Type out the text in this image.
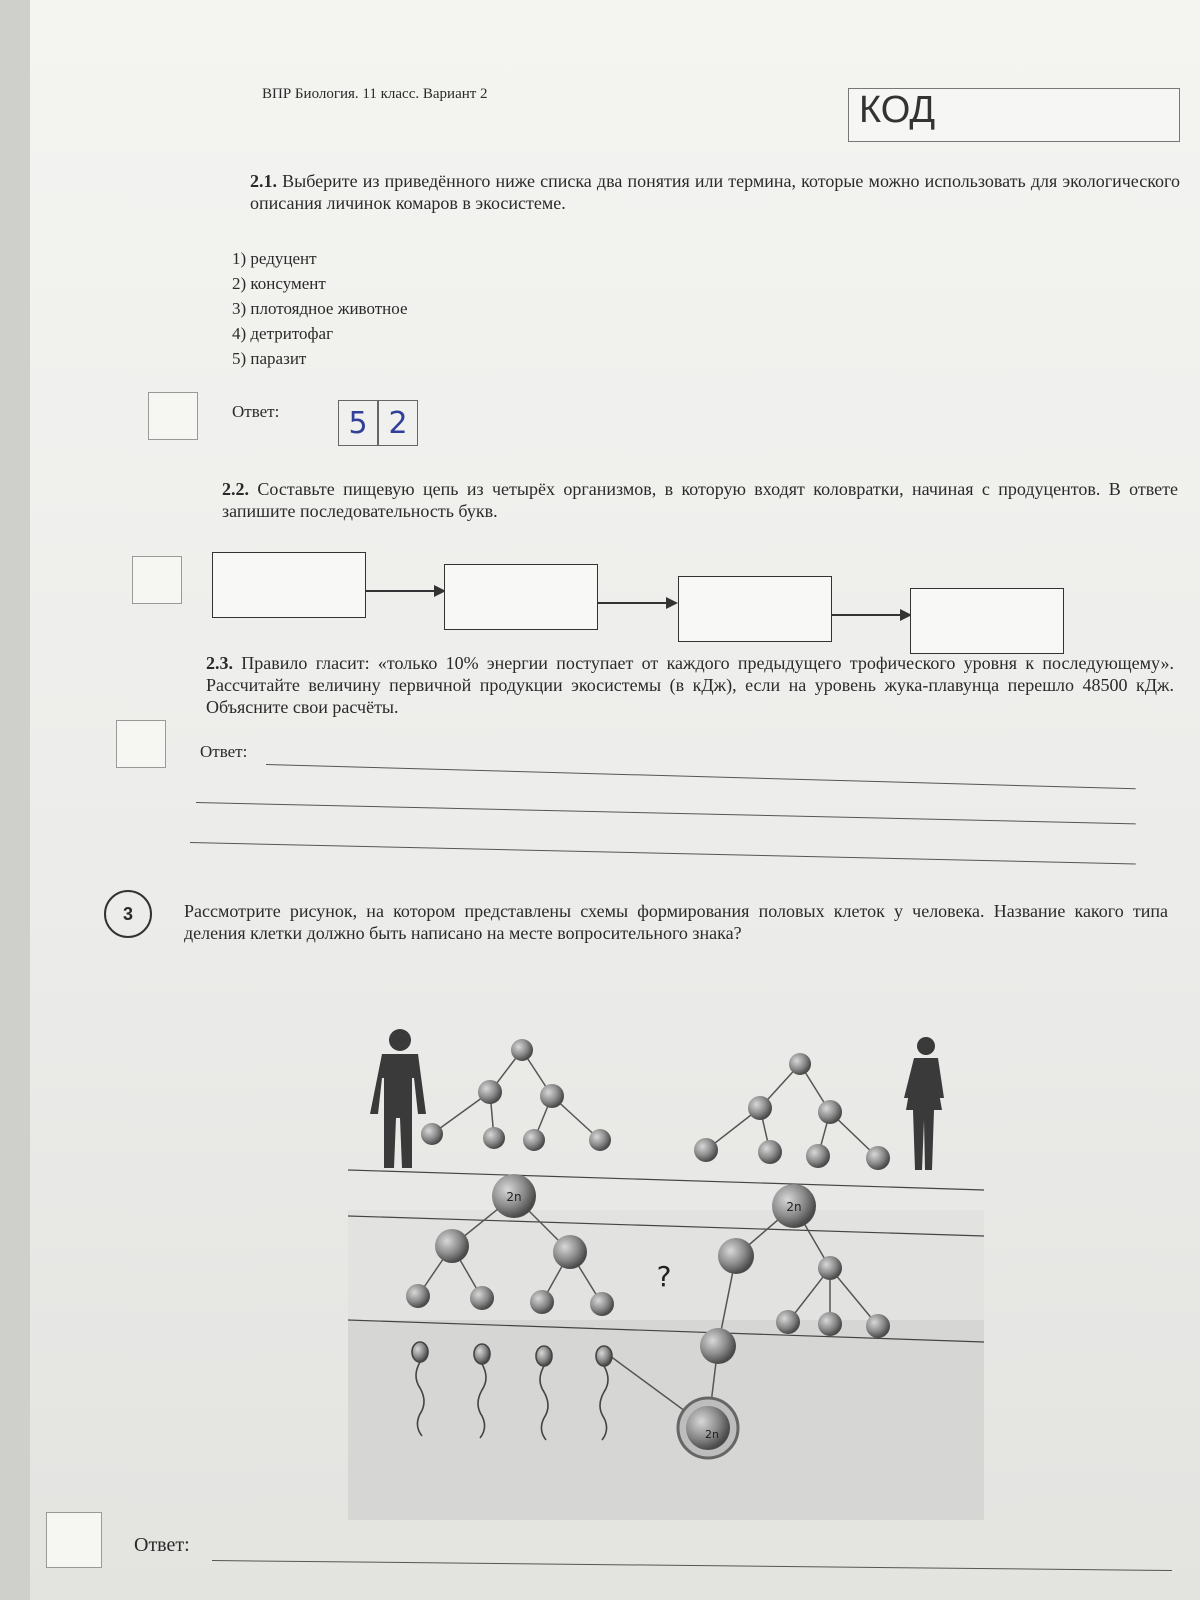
ВПР Биология. 11 класс. Вариант 2	КОД
2.1. Выберите из приведённого ниже списка два понятия или термина, которые можно использовать для экологического описания личинок комаров в экосистеме.
1) редуцент
2) консумент
3) плотоядное животное
4) детритофаг
5) паразит
Ответ:	5 2
2.2. Составьте пищевую цепь из четырёх организмов, в которую входят коловратки, начиная с продуцентов. В ответе запишите последовательность букв.
2.3. Правило гласит: «только 10% энергии поступает от каждого предыдущего трофического уровня к последующему». Рассчитайте величину первичной продукции экосистемы (в кДж), если на уровень жука-плавунца перешло 48500 кДж. Объясните свои расчёты.
Ответ:
3	Рассмотрите рисунок, на котором представлены схемы формирования половых клеток у человека. Название какого типа деления клетки должно быть написано на месте вопросительного знака?
2n
2n
?
2n
Ответ:
